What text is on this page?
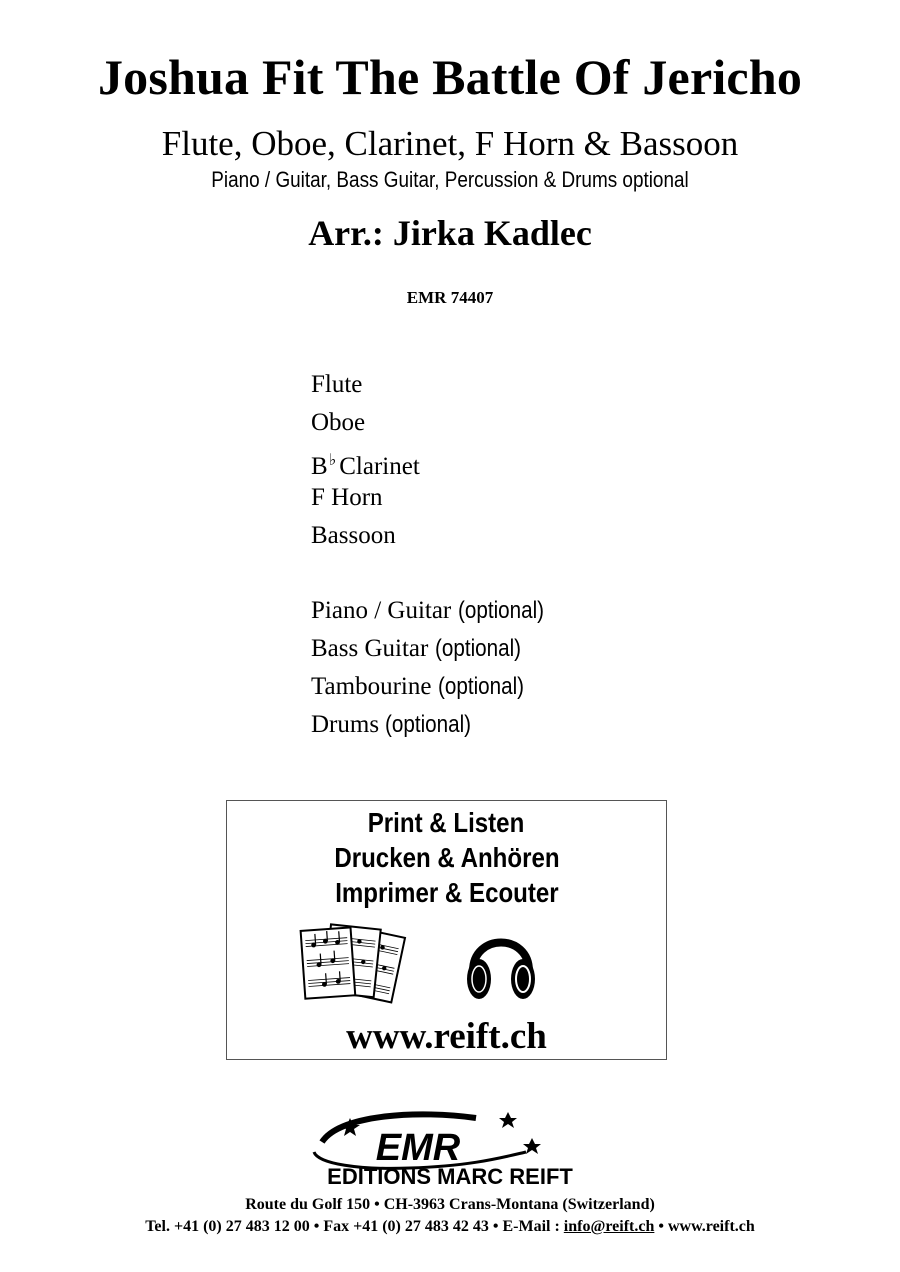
Joshua Fit The Battle Of Jericho
Flute, Oboe, Clarinet, F Horn & Bassoon
Piano / Guitar, Bass Guitar, Percussion & Drums optional
Arr.: Jirka Kadlec
EMR 74407
Flute
Oboe
B♭ Clarinet
F Horn
Bassoon
Piano / Guitar (optional)
Bass Guitar (optional)
Tambourine (optional)
Drums (optional)
Print & Listen
Drucken & Anhören
Imprimer & Ecouter
www.reift.ch
EMR
EDITIONS MARC REIFT
Route du Golf 150 • CH-3963 Crans-Montana (Switzerland)
Tel. +41 (0) 27 483 12 00 • Fax +41 (0) 27 483 42 43 • E-Mail : info@reift.ch • www.reift.ch
